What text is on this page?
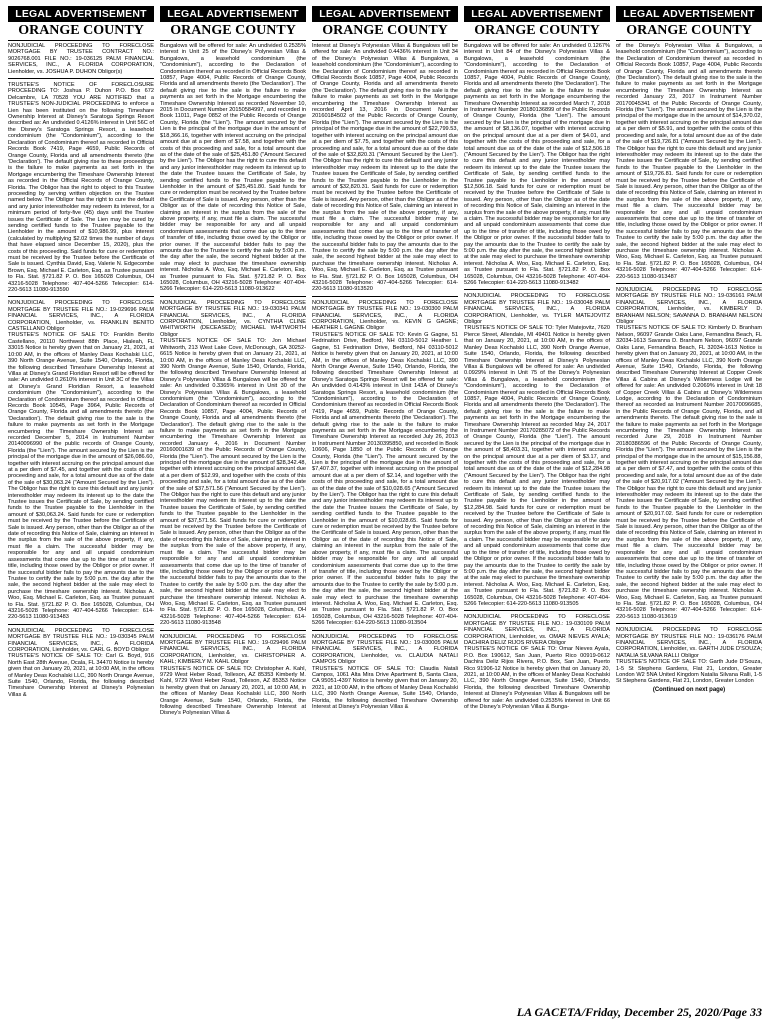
LEGAL ADVERTISEMENT
ORANGE COUNTY

NONJUDICIAL PROCEEDING TO FORECLOSE MORTGAGE BY TRUSTEE CONTRACT NO.: 9026768.001 FILE NO.: 19-036125 PALM FINANCIAL SERVICES, INC., A FLORIDA CORPORATION, Lienholder, vs. JOSHUA P. DUHON Obligor(s)

TRUSTEE'S NOTICE OF FORECLOSURE PROCEEDING TO: Joshua P. Duhon P.O. Box 672 Delcambre, LA 70528 YOU ARE NOTIFIED that a TRUSTEE'S NON-JUDICIAL PROCEEDING to enforce a Lien has been instituted on the following Timeshare Ownership Interest at Disney's Saratoga Springs Resort described as: An undivided 0.4126% interest in Unit 56C of the Disney's Saratoga Springs Resort, a leasehold condominium (the "Condominium"), according to the Declaration of Condominium thereof as recorded in Official Records Book 7419, Page 4659, Public Records of Orange County, Florida and all amendments thereto (the 'Declaration'). The default giving rise to these proceedings is the failure to make payments as set forth in the Mortgage encumbering the Timeshare Ownership Interest as recorded in the Official Records of Orange County, Florida. The Obligor has the right to object to this Trustee proceeding by serving written objection on the Trustee named below. The Obligor has the right to cure the default and any junior interestholder may redeem its interest, for a minimum period of forty-five (45) days until the Trustee issues the Certificate of Sale. The Lien may be cured by sending certified funds to the Trustee payable to the Lienholder in the amount of $10,986.99, plus interest (calculated by multiplying $2.02 times the number of days that have elapsed since December 15, 2020), plus the costs of this proceeding. Said funds for cure or redemption must be received by the Trustee before the Certificate of Sale is issued. Cynthia David, Esq. Valerie N. Edgecombe Brown, Esq. Michael E. Carleton, Esq. as Trustee pursuant to Fla. Stat. §721.82 P. O. Box 165028 Columbus, OH 43216-5028 Telephone: 407-404-5266 Telecopier: 614-220-5613 11080-913590

NONJUDICIAL PROCEEDING TO FORECLOSE MORTGAGE BY TRUSTEE FILE NO.: 19-029696 PALM FINANCIAL SERVICES, INC., A FLORIDA CORPORATION, Lienholder, vs. FRANKLIN BENITO CASTELLANO Obligor

TRUSTEE'S NOTICE OF SALE TO: Franklin Benito Castellano, 20110 Northwest 88th Place, Hialeah, FL 33015 Notice is hereby given that on January 21, 2021, at 10:00 AM, in the offices of Manley Deas Kochalski LLC, 390 North Orange Avenue, Suite 1540, Orlando, Florida, the following described Timeshare Ownership Interest at Villas at Disney's Grand Floridian Resort will be offered for sale: An undivided 0.2610% interest in Unit 3C of the Villas at Disney's Grand Floridian Resort, a leasehold condominium (the "Condominium"), according to the Declaration of Condominium thereof as recorded in Official Records Book 10545, Page 3964, Public Records of Orange County, Florida and all amendments thereto (the 'Declaration'). The default giving rise to the sale is the failure to make payments as set forth in the Mortgage encumbering the Timeshare Ownership Interest as recorded December 5, 2014 in Instrument Number 20140096990 of the public records of Orange County, Florida (the "Lien"). The amount secured by the Lien is the principal of the mortgage due in the amount of $26,086.60, together with interest accruing on the principal amount due at a per diem of $7.45, and together with the costs of this proceeding and sale, for a total amount due as of the date of the sale of $30,063.24 ("Amount Secured by the Lien"). The Obligor has the right to cure this default and any junior interestholder may redeem its interest up to the date the Trustee issues the Certificate of Sale, by sending certified funds to the Trustee payable to the Lienholder in the amount of $30,063.24. Said funds for cure or redemption must be received by the Trustee before the Certificate of Sale is issued. Any person, other than the Obligor as of the date of recording this Notice of Sale, claiming an interest in the surplus from the sale of the above property, if any, must file a claim. The successful bidder may be responsible for any and all unpaid condominium assessments that come due up to the time of transfer of title, including those owed by the Obligor or prior owner. If the successful bidder fails to pay the amounts due to the Trustee to certify the sale by 5:00 p.m. the day after the sale, the second highest bidder at the sale may elect to purchase the timeshare ownership interest. Nicholas A. Woo, Esq. Michael E. Carleton, Esq. as Trustee pursuant to Fla. Stat. §721.82 P. O. Box 165028, Columbus, OH 43216-5028 Telephone: 407-404-5266 Telecopier: 614-220-5613 11080-913483

NONJUDICIAL PROCEEDING TO FORECLOSE MORTGAGE BY TRUSTEE FILE NO.: 19-030345 PALM FINANCIAL SERVICES, INC., A FLORIDA CORPORATION, Lienholder, vs. CARL G. BOYD Obligor

TRUSTEE'S NOTICE OF SALE TO: Carl G. Boyd, 916 North East 28th Avenue, Ocala, FL 34470 Notice is hereby given that on January 20, 2021, at 10:00 AM, in the offices of Manley Deas Kochalski LLC, 390 North Orange Avenue, Suite 1540, Orlando, Florida, the following described Timeshare Ownership Interest at Disney's Polynesian Villas &

LEGAL ADVERTISEMENT
ORANGE COUNTY

Bungalows will be offered for sale: An undivided 0.2535% interest in Unit 25 of the Disney's Polynesian Villas & Bungalows, a leasehold condominium (the "Condominium"), according to the Declaration of Condominium thereof as recorded in Official Records Book 10857, Page 4004, Public Records of Orange County, Florida and all amendments thereto (the 'Declaration'). The default giving rise to the sale is the failure to make payments as set forth in the Mortgage encumbering the Timeshare Ownership Interest as recorded November 10, 2015 in Document Number 20150584997, and recorded in Book 11011, Page 0852 of the Public Records of Orange County, Florida (the "Lien"). The amount secured by the Lien is the principal of the mortgage due in the amount of $18,366.16, together with interest accruing on the principal amount due at a per diem of $7.58, and together with the costs of this proceeding and sale, for a total amount due as of the date of the sale of $25,451.80 ("Amount Secured by the Lien"). The Obligor has the right to cure this default and any junior interestholder may redeem its interest up to the date the Trustee issues the Certificate of Sale, by sending certified funds to the Trustee payable to the Lienholder in the amount of $25,451.80. Said funds for cure or redemption must be received by the Trustee before the Certificate of Sale is issued. Any person, other than the Obligor as of the date of recording this Notice of Sale, claiming an interest in the surplus from the sale of the above property, if any, must file a claim. The successful bidder may be responsible for any and all unpaid condominium assessments that come due up to the time of transfer of title, including those owed by the Obligor or prior owner. If the successful bidder fails to pay the amounts due to the Trustee to certify the sale by 5:00 p.m. the day after the sale, the second highest bidder at the sale may elect to purchase the timeshare ownership interest. Nicholas A. Woo, Esq. Michael E. Carleton, Esq. as Trustee pursuant to Fla. Stat. §721.82 P. O. Box 165028, Columbus, OH 43216-5028 Telephone: 407-404-5266 Telecopier: 614-220-5613 11080-913622

NONJUDICIAL PROCEEDING TO FORECLOSE MORTGAGE BY TRUSTEE FILE NO.: 19-030341 PALM FINANCIAL SERVICES, INC., A FLORIDA CORPORATION, Lienholder, vs. CYNTHIA CLINE WHITWORTH (DECEASED); MICHAEL WHITWORTH Obligor

TRUSTEE'S NOTICE OF SALE TO: Jon Michael Whitworth, 213 West Lake Cove, McDonough, GA 30252-6615 Notice is hereby given that on January 21, 2021, at 10:00 AM, in the offices of Manley Deas Kochalski LLC, 390 North Orange Avenue, Suite 1540, Orlando, Florida, the following described Timeshare Ownership Interest at Disney's Polynesian Villas & Bungalows will be offered for sale: An undivided 0.3365% interest in Unit 30 of the Disney's Polynesian Villas & Bungalows, a leasehold condominium (the "Condominium"), according to the Declaration of Condominium thereof as recorded in Official Records Book 10857, Page 4004, Public Records of Orange County, Florida and all amendments thereto (the 'Declaration'). The default giving rise to the sale is the failure to make payments as set forth in the Mortgage encumbering the Timeshare Ownership Interest as recorded January 4, 2016 in Document Number 20160001639 of the Public Records of Orange County, Florida (the "Lien"). The amount secured by the Lien is the principal of the mortgage due in the amount of $28,342.48, together with interest accruing on the principal amount due at a per diem of $12.99, and together with the costs of this proceeding and sale, for a total amount due as of the date of the sale of $37,571.56 ("Amount Secured by the Lien"). The Obligor has the right to cure this default and any junior interestholder may redeem its interest up to the date the Trustee issues the Certificate of Sale, by sending certified funds to the Trustee payable to the Lienholder in the amount of $37,571.56. Said funds for cure or redemption must be received by the Trustee before the Certificate of Sale is issued. Any person, other than the Obligor as of the date of recording this Notice of Sale, claiming an interest in the surplus from the sale of the above property, if any, must file a claim. The successful bidder may be responsible for any and all unpaid condominium assessments that come due up to the time of transfer of title, including those owed by the Obligor or prior owner. If the successful bidder fails to pay the amounts due to the Trustee to certify the sale by 5:00 p.m. the day after the sale, the second highest bidder at the sale may elect to purchase the timeshare ownership interest. Nicholas A. Woo, Esq. Michael E. Carleton, Esq. as Trustee pursuant to Fla. Stat. §721.82 P. O. Box 165028, Columbus, OH 43216-5028 Telephone: 407-404-5266 Telecopier: 614-220-5613 11080-913548

NONJUDICIAL PROCEEDING TO FORECLOSE MORTGAGE BY TRUSTEE FILE NO.: 19-029496 PALM FINANCIAL SERVICES, INC., A FLORIDA CORPORATION, Lienholder, vs. CHRISTOPHER A. KAHL; KIMBERLY M. KAHL Obligor

TRUSTEE'S NOTICE OF SALE TO: Christopher A. Kahl, 9729 West Heber Road, Tolleson, AZ 85353 Kimberly M. Kahl, 9729 West Heber Road, Tolleson, AZ 85353 Notice is hereby given that on January 20, 2021, at 10:00 AM, in the offices of Manley Deas Kochalski LLC, 390 North Orange Avenue, Suite 1540, Orlando, Florida, the following described Timeshare Ownership Interest at Disney's Polynesian Villas &

LEGAL ADVERTISEMENT
ORANGE COUNTY

Interest at Disney's Polynesian Villas & Bungalows will be offered for sale: An undivided 0.4436% interest in Unit 34 of the Disney's Polynesian Villas & Bungalows, a leasehold condominium (the "Condominium"), according to the Declaration of Condominium thereof as recorded in Official Records Book 10857, Page 4004, Public Records of Orange County, Florida and all amendments thereto (the 'Declaration'). The default giving rise to the sale is the failure to make payments as set forth in the Mortgage encumbering the Timeshare Ownership Interest as recorded April 13, 2016 in Document Number 20160184502 of the Public Records of Orange County, Florida (the "Lien"). The amount secured by the Lien is the principal of the mortgage due in the amount of $22,799.53, together with interest accruing on the principal amount due at a per diem of $7.75, and together with the costs of this proceeding and sale, for a total amount due as of the date of the sale of $32,820.31 ("Amount Secured by the Lien"). The Obligor has the right to cure this default and any junior interestholder may redeem its interest up to the date the Trustee issues the Certificate of Sale, by sending certified funds to the Trustee payable to the Lienholder in the amount of $32,820.31. Said funds for cure or redemption must be received by the Trustee before the Certificate of Sale is issued. Any person, other than the Obligor as of the date of recording this Notice of Sale, claiming an interest in the surplus from the sale of the above property, if any, must file a claim. The successful bidder may be responsible for any and all unpaid condominium assessments that come due up to the time of transfer of title, including those owed by the Obligor or prior owner. If the successful bidder fails to pay the amounts due to the Trustee to certify the sale by 5:00 p.m. the day after the sale, the second highest bidder at the sale may elect to purchase the timeshare ownership interest. Nicholas A. Woo, Esq. Michael E. Carleton, Esq. as Trustee pursuant to Fla. Stat. §721.82 P. O. Box 165028, Columbus, OH 43216-5028 Telephone: 407-404-5266 Telecopier: 614-220-5613 11080-913520

NONJUDICIAL PROCEEDING TO FORECLOSE MORTGAGE BY TRUSTEE FILE NO.: 19-030300 PALM FINANCIAL SERVICES, INC., A FLORIDA CORPORATION, Lienholder, vs. KEVIN G GAGNE; HEATHER L GAGNE Obligor

TRUSTEE'S NOTICE OF SALE TO: Kevin G Gagne, 51 Fedrination Drive, Bedford, NH 03110-5012 Heather L Gagne, 51 Fedrination Drive, Bedford, NH 03110-5012 Notice is hereby given that on January 20, 2021, at 10:00 AM, in the offices of Manley Deas Kochalski LLC, 390 North Orange Avenue, Suite 1540, Orlando, Florida, the following described Timeshare Ownership Interest at Disney's Saratoga Springs Resort will be offered for sale: An undivided 0.4143% interest in Unit 143A of Disney's Saratoga Springs Resort, a leasehold condominium (the "Condominium"), according to the Declaration of Condominium thereof as recorded in Official Records Book 7419, Page 4659, Public Records of Orange County, Florida and all amendments thereto (the 'Declaration'). The default giving rise to the sale is the failure to make payments as set forth in the Mortgage encumbering the Timeshare Ownership Interest as recorded July 26, 2013 in Instrument Number 20130395850, and recorded in Book 10606, Page 1850 of the Public Records of Orange County, Florida (the "Lien"). The amount secured by the Lien is the principal of the mortgage due in the amount of $7,407.37, together with interest accruing on the principal amount due at a per diem of $2.14, and together with the costs of this proceeding and sale, for a total amount due as of the date of the sale of $10,028.65 ("Amount Secured by the Lien"). The Obligor has the right to cure this default and any junior interestholder may redeem its interest up to the date the Trustee issues the Certificate of Sale, by sending certified funds to the Trustee payable to the Lienholder in the amount of $10,028.65. Said funds for cure or redemption must be received by the Trustee before the Certificate of Sale is issued. Any person, other than the Obligor as of the date of recording this Notice of Sale, claiming an interest in the surplus from the sale of the above property, if any, must file a claim. The successful bidder may be responsible for any and all unpaid condominium assessments that come due up to the time of transfer of title, including those owed by the Obligor or prior owner. If the successful bidder fails to pay the amounts due to the Trustee to certify the sale by 5:00 p.m. the day after the sale, the second highest bidder at the sale may elect to purchase the timeshare ownership interest. Nicholas A. Woo, Esq. Michael E. Carleton, Esq. as Trustee pursuant to Fla. Stat. §721.82 P. O. Box 165028, Columbus, OH 43216-5028 Telephone: 407-404-5266 Telecopier: 614-220-5613 11080-913504

NONJUDICIAL PROCEEDING TO FORECLOSE MORTGAGE BY TRUSTEE FILE NO.: 19-030005 PALM FINANCIAL SERVICES, INC., A FLORIDA CORPORATION, Lienholder, vs. CLAUDIA NATALI CAMPOS Obligor

TRUSTEE'S NOTICE OF SALE TO: Claudia Natali Campos, 1061 Alta Mira Drive Apartment B, Santa Clara, CA 95051-4397 Notice is hereby given that on January 20, 2021, at 10:00 AM, in the offices of Manley Deas Kochalski LLC, 390 North Orange Avenue, Suite 1540, Orlando, Florida, the following described Timeshare Ownership Interest at Disney's Polynesian Villas &

LEGAL ADVERTISEMENT
ORANGE COUNTY

Bungalows will be offered for sale: An undivided 0.1267% interest in Unit 84 of the Disney's Polynesian Villas & Bungalows, a leasehold condominium (the "Condominium"), according to the Declaration of Condominium thereof as recorded in Official Records Book 10857, Page 4004, Public Records of Orange County, Florida and all amendments thereto (the 'Declaration'). The default giving rise to the sale is the failure to make payments as set forth in the Mortgage encumbering the Timeshare Ownership Interest as recorded March 7, 2018 in Instrument Number 20180136899 of the Public Records of Orange County, Florida (the "Lien"). The amount secured by the Lien is the principal of the mortgage due in the amount of $8,136.07, together with interest accruing on the principal amount due at a per diem of $4.01, and together with the costs of this proceeding and sale, for a total amount due as of the date of the sale of $12,506.18 ("Amount Secured by the Lien"). The Obligor has the right to cure this default and any junior interestholder may redeem its interest up to the date the Trustee issues the Certificate of Sale, by sending certified funds to the Trustee payable to the Lienholder in the amount of $12,506.18. Said funds for cure or redemption must be received by the Trustee before the Certificate of Sale is issued. Any person, other than the Obligor as of the date of recording this Notice of Sale, claiming an interest in the surplus from the sale of the above property, if any, must file a claim. The successful bidder may be responsible for any and all unpaid condominium assessments that come due up to the time of transfer of title, including those owed by the Obligor or prior owner. If the successful bidder fails to pay the amounts due to the Trustee to certify the sale by 5:00 p.m. the day after the sale, the second highest bidder at the sale may elect to purchase the timeshare ownership interest. Nicholas A. Woo, Esq. Michael E. Carleton, Esq. as Trustee pursuant to Fla. Stat. §721.82 P. O. Box 165028, Columbus, OH 43216-5028 Telephone: 407-404-5266 Telecopier: 614-220-5613 11080-913482

NONJUDICIAL PROCEEDING TO FORECLOSE MORTGAGE BY TRUSTEE FILE NO.: 19-030048 PALM FINANCIAL SERVICES, INC., A FLORIDA CORPORATION, Lienholder, vs. TYLER MATEJOVITZ Obligor

TRUSTEE'S NOTICE OF SALE TO: Tyler Matejovitz, 7620 Pierce Street, Allendale, MI 49401 Notice is hereby given that on January 20, 2021, at 10:00 AM, in the offices of Manley Deas Kochalski LLC, 390 North Orange Avenue, Suite 1540, Orlando, Florida, the following described Timeshare Ownership Interest at Disney's Polynesian Villas & Bungalows will be offered for sale: An undivided 0.0929% interest in Unit 75 of the Disney's Polynesian Villas & Bungalows, a leasehold condominium (the "Condominium"), according to the Declaration of Condominium thereof as recorded in Official Records Book 10857, Page 4004, Public Records of Orange County, Florida and all amendments thereto (the 'Declaration'). The default giving rise to the sale is the failure to make payments as set forth in the Mortgage encumbering the Timeshare Ownership Interest as recorded May 24, 2017 in Instrument Number 20170285072 of the Public Records of Orange County, Florida (the "Lien"). The amount secured by the Lien is the principal of the mortgage due in the amount of $8,403.31, together with interest accruing on the principal amount due at a per diem of $3.17, and together with the costs of this proceeding and sale, for a total amount due as of the date of the sale of $12,284.98 ("Amount Secured by the Lien"). The Obligor has the right to cure this default and any junior interestholder may redeem its interest up to the date the Trustee issues the Certificate of Sale, by sending certified funds to the Trustee payable to the Lienholder in the amount of $12,284.98. Said funds for cure or redemption must be received by the Trustee before the Certificate of Sale is issued. Any person, other than the Obligor as of the date of recording this Notice of Sale, claiming an interest in the surplus from the sale of the above property, if any, must file a claim. The successful bidder may be responsible for any and all unpaid condominium assessments that come due up to the time of transfer of title, including those owed by the Obligor or prior owner. If the successful bidder fails to pay the amounts due to the Trustee to certify the sale by 5:00 p.m. the day after the sale, the second highest bidder at the sale may elect to purchase the timeshare ownership interest. Nicholas A. Woo, Esq. Michael E. Carleton, Esq. as Trustee pursuant to Fla. Stat. §721.82 P. O. Box 165028, Columbus, OH 43216-5028 Telephone: 407-404-5266 Telecopier: 614-220-5613 11080-913505

NONJUDICIAL PROCEEDING TO FORECLOSE MORTGAGE BY TRUSTEE FILE NO.: 19-030109 PALM FINANCIAL SERVICES, INC., A FLORIDA CORPORATION, Lienholder, vs. OMAR NIEVES AYALA; DACHIRA DELIZ RIJOS RIVERA Obligor

TRUSTEE'S NOTICE OF SALE TO: Omar Nieves Ayala, P.O. Box 190612, San Juan, Puerto Rico 00919-0612 Dachira Deliz Rijos Rivera, P.O. Box, San Juan, Puerto Rico 91906-12 Notice is hereby given that on January 20, 2021, at 10:00 AM, in the offices of Manley Deas Kochalski LLC, 390 North Orange Avenue, Suite 1540, Orlando, Florida, the following described Timeshare Ownership Interest at Disney's Polynesian Villas & Bungalows will be offered for sale: An undivided 0.2535% interest in Unit 66 of the Disney's Polynesian Villas & Bunga-

LEGAL ADVERTISEMENT
ORANGE COUNTY

of the Disney's Polynesian Villas & Bungalows, a leasehold condominium (the "Condominium"), according to the Declaration of Condominium thereof as recorded in Official Records Book 10857, Page 4004, Public Records of Orange County, Florida and all amendments thereto (the 'Declaration'). The default giving rise to the sale is the failure to make payments as set forth in the Mortgage encumbering the Timeshare Ownership Interest as recorded January 23, 2017 in Instrument Number 20170045341 of the Public Records of Orange County, Florida (the "Lien"). The amount secured by the Lien is the principal of the mortgage due in the amount of $14,370.02, together with interest accruing on the principal amount due at a per diem of $5.91, and together with the costs of this proceeding and sale, for a total amount due as of the date of the sale of $19,726.81 ("Amount Secured by the Lien"). The Obligor has the right to cure this default and any junior interestholder may redeem its interest up to the date the Trustee issues the Certificate of Sale, by sending certified funds to the Trustee payable to the Lienholder in the amount of $19,726.81. Said funds for cure or redemption must be received by the Trustee before the Certificate of Sale is issued. Any person, other than the Obligor as of the date of recording this Notice of Sale, claiming an interest in the surplus from the sale of the above property, if any, must file a claim. The successful bidder may be responsible for any and all unpaid condominium assessments that come due up to the time of transfer of title, including those owed by the Obligor or prior owner. If the successful bidder fails to pay the amounts due to the Trustee to certify the sale by 5:00 p.m. the day after the sale, the second highest bidder at the sale may elect to purchase the timeshare ownership interest. Nicholas A. Woo, Esq. Michael E. Carleton, Esq. as Trustee pursuant to Fla. Stat. §721.82 P. O. Box 165028, Columbus, OH 43216-5028 Telephone: 407-404-5266 Telecopier: 614-220-5613 11080-913487

NONJUDICIAL PROCEEDING TO FORECLOSE MORTGAGE BY TRUSTEE FILE NO.: 19-036161 PALM FINANCIAL SERVICES, INC., A FLORIDA CORPORATION, Lienholder, vs. KIMBERLY D. BRANHAM NELSON; SAVANNA D. BRANHAM NELSON Obligor

TRUSTEE'S NOTICE OF SALE TO: Kimberly D. Branham Nelson, 96097 Grande Oaks Lane, Fernandina Beach, FL 32034-1613 Savanna D. Branham Nelson, 96097 Grande Oaks Lane, Fernandina Beach, FL 32034-1613 Notice is hereby given that on January 20, 2021, at 10:00 AM, in the offices of Manley Deas Kochalski LLC, 390 North Orange Avenue, Suite 1540, Orlando, Florida, the following described Timeshare Ownership Interest at Copper Creek Villas & Cabins at Disney's Wilderness Lodge will be offered for sale: An undivided 0.2069% interest in Unit 18 of Copper Creek Villas & Cabins at Disney's Wilderness Lodge, according to the Declaration of Condominium thereof as recorded as Instrument Number 20170096685, in the Public Records of Orange County, Florida, and all amendments thereto. The default giving rise to the sale is the failure to make payments as set forth in the Mortgage encumbering the Timeshare Ownership Interest as recorded June 29, 2018 in Instrument Number 20180386596 of the Public Records of Orange County, Florida (the "Lien"). The amount secured by the Lien is the principal of the mortgage due in the amount of $15,156.88, together with interest accruing on the principal amount due at a per diem of $7.47, and together with the costs of this proceeding and sale, for a total amount due as of the date of the sale of $20,917.02 ("Amount Secured by the Lien"). The Obligor has the right to cure this default and any junior interestholder may redeem its interest up to the date the Trustee issues the Certificate of Sale, by sending certified funds to the Trustee payable to the Lienholder in the amount of $20,917.02. Said funds for cure or redemption must be received by the Trustee before the Certificate of Sale is issued. Any person, other than the Obligor as of the date of recording this Notice of Sale, claiming an interest in the surplus from the sale of the above property, if any, must file a claim. The successful bidder may be responsible for any and all unpaid condominium assessments that come due up to the time of transfer of title, including those owed by the Obligor or prior owner. If the successful bidder fails to pay the amounts due to the Trustee to certify the sale by 5:00 p.m. the day after the sale, the second highest bidder at the sale may elect to purchase the timeshare ownership interest. Nicholas A. Woo, Esq. Michael E. Carleton, Esq. as Trustee pursuant to Fla. Stat. §721.82 P. O. Box 165028, Columbus, OH 43216-5028 Telephone: 407-404-5266 Telecopier: 614-220-5613 11080-913619

NONJUDICIAL PROCEEDING TO FORECLOSE MORTGAGE BY TRUSTEE FILE NO.: 19-036176 PALM FINANCIAL SERVICES, INC., A FLORIDA CORPORATION, Lienholder, vs. GARTH JUDE D'SOUZA; NATALIA SILVANA RALLI Obligor

TRUSTEE'S NOTICE OF SALE TO: Garth Jude D'Souza, 1-5 St Stephens Gardens, Flat 21, London, Greater London W2 5NA United Kingdom Natalia Silvana Ralli, 1-5 St Stephens Gardens, Flat 21, London, Greater London

(Continued on next page)
LA GACETA/Friday, December 25, 2020/Page 33
